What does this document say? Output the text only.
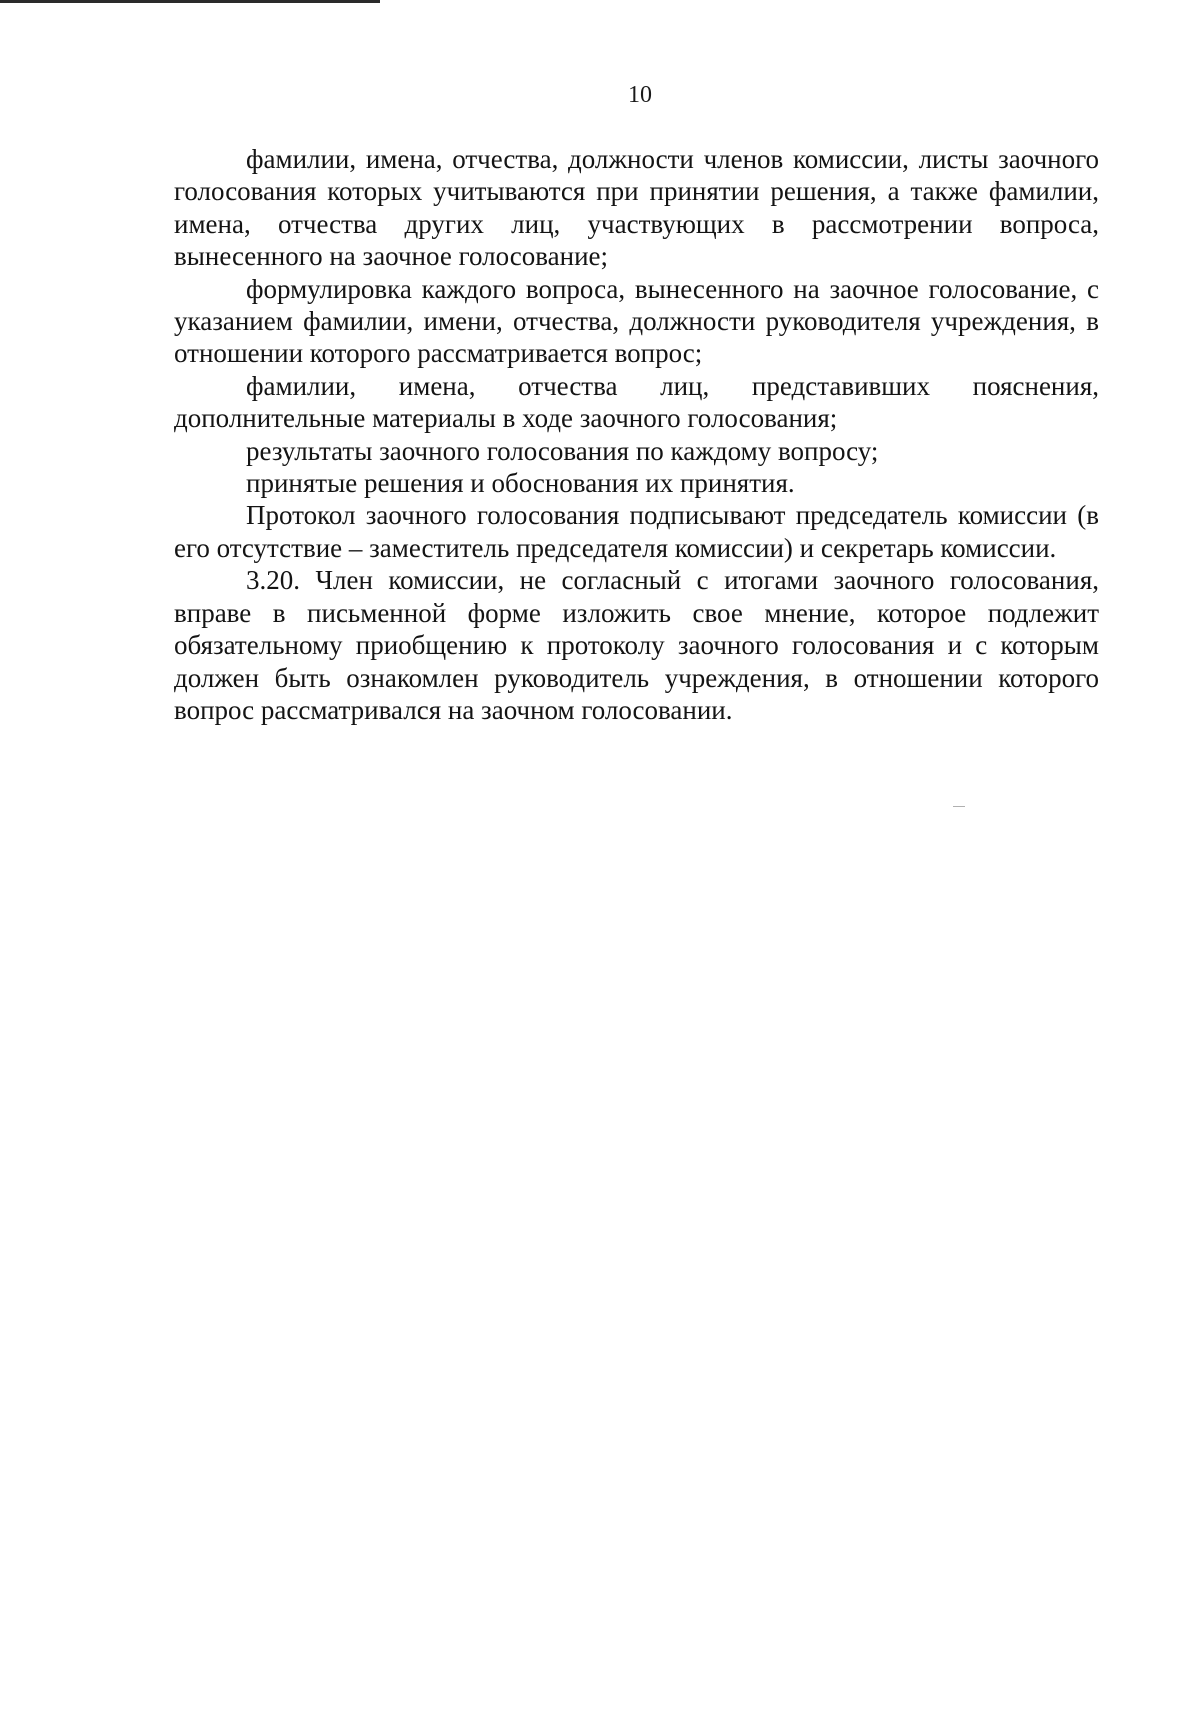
10

фамилии, имена, отчества, должности членов комиссии, листы заочного голосования которых учитываются при принятии решения, а также фамилии, имена, отчества других лиц, участвующих в рассмотрении вопроса, вынесенного на заочное голосование;

формулировка каждого вопроса, вынесенного на заочное голосование, с указанием фамилии, имени, отчества, должности руководителя учреждения, в отношении которого рассматривается вопрос;

фамилии, имена, отчества лиц, представивших пояснения, дополнительные материалы в ходе заочного голосования;

результаты заочного голосования по каждому вопросу;

принятые решения и обоснования их принятия.

Протокол заочного голосования подписывают председатель комиссии (в его отсутствие – заместитель председателя комиссии) и секретарь комиссии.

3.20. Член комиссии, не согласный с итогами заочного голосования, вправе в письменной форме изложить свое мнение, которое подлежит обязательному приобщению к протоколу заочного голосования и с которым должен быть ознакомлен руководитель учреждения, в отношении которого вопрос рассматривался на заочном голосовании.
